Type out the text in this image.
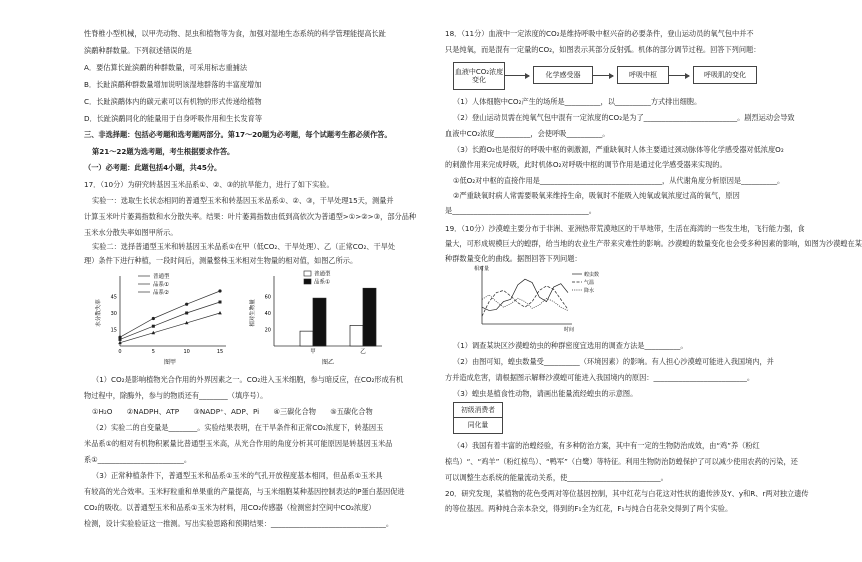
性脊椎小型机械，以甲壳动物、昆虫和植物等为食，加强对湿地生态系统的科学管理能提高长趾
滨鹬种群数量。下列叙述错误的是
A．要估算长趾滨鹬的种群数量，可采用标志重捕法
B．长趾滨鹬种群数量增加说明该湿地群落的丰富度增加
C．长趾滨鹬体内的碳元素可以有机物的形式传递给植物
D．长趾滨鹬同化的能量用于自身呼吸作用和生长发育等
三、非选择题：包括必考题和选考题两部分。第17～20题为必考题，每个试题考生都必须作答。
第21～22题为选考题，考生根据要求作答。
（一）必考题：此题包括4小题，共45分。
17．（10分）为研究转基因玉米品系①、②、③的抗旱能力，进行了如下实验。
实验一：选取生长状态相同的普通型玉米和转基因玉米品系①、②、③，干旱处理15天，测量并
计算玉米叶片萎蔫指数和水分散失率。结果：叶片萎蔫指数由低到高依次为普通型>①>②>③，部分品种
玉米水分散失率如图甲所示。
实验二：选择普通型玉米和转基因玉米品系①在甲（低CO₂、干旱处理）、乙（正常CO₂、干旱处
理）条件下进行种植，一段时间后，测量整株玉米相对生物量的相对值，如图乙所示。
水分散失率
45
30
15
0	5	10	15
普通型
品系①
品系②
图甲
相对生物量
60
40
20
甲	乙
普通型
品系①
图乙
（1）CO₂是影响植物光合作用的外界因素之一。CO₂进入玉米细胞，参与暗反应，在CO₂形成有机
物过程中，除酶外，参与的物质还有________（填序号）。
①H₂O　　②NADPH、ATP　　③NADP⁺、ADP、Pi　　④三碳化合物　　⑤五碳化合物
（2）实验二的自变量是________。实验结果表明，在干旱条件和正常CO₂浓度下，转基因玉
米品系①的相对有机物积累量比普通型玉米高，从光合作用的角度分析其可能原因是转基因玉米品
系①________________________。
（3）正常种植条件下，普通型玉米和品系①玉米的气孔开放程度基本相同，但品系①玉米具
有较高的光合效率。玉米籽粒重和单果重的产量提高，与玉米细胞某种基因控制表达的P蛋白基因促进
CO₂的吸收。以普通型玉米和品系①玉米为材料，用CO₂传感器（检测密封空间中CO₂浓度）
检测，设计实验验证这一推测。写出实验思路和预期结果：________________________________。
18．（11分）血液中一定浓度的CO₂是维持呼吸中枢兴奋的必要条件，登山运动员的氧气包中并不
只是纯氧，而是混有一定量的CO₂，如图表示其部分反射弧。机体的部分调节过程。回答下列问题：
血液中CO₂浓度变化
化学感受器	呼吸中枢	呼吸肌的变化
（1）人体细胞中CO₂产生的场所是__________，以__________方式排出细胞。
（2）登山运动员需在纯氧气包中混有一定浓度的CO₂是为了__________________________。剧烈运动会导致
血液中CO₂浓度__________，会使呼吸__________。
（3）长跑O₂也是很好的呼吸中枢的刺激源，严重缺氧时人体主要通过颈动脉体等化学感受器对低浓度O₂
的刺激作用来完成呼吸，此时机体O₂对呼吸中枢的调节作用是通过化学感受器来实现的。
①低O₂对中枢的直接作用是__________________________________，从代谢角度分析原因是__________。
②严重缺氧时病人常需要吸氧来维持生命，吸氧时不能吸入纯氧或氧浓度过高的氧气，原因
是______________________________________。
19．（10分）沙漠蝗主要分布于非洲、亚洲热带荒漠地区的干旱地带，生活在海湾的一些发生地，飞行能力强，食
量大，可形成规模巨大的蝗群，给当地的农业生产带来灾难性的影响。沙漠蝗的数量变化也会受多种因素的影响，如图为沙漠蝗在某
种群数量变化的曲线。据图回答下列问题：
相对量
时间
蝗虫数
气温
降水
（1）调查某块区沙漠蝗幼虫的种群密度宜选用的调查方法是__________。
（2）由图可知，蝗虫数量受__________（环境因素）的影响。有人担心沙漠蝗可能进入我国境内，并
方并造成危害，请根据图示解释沙漠蝗可能进入我国境内的原因：__________________________。
（3）蝗虫是植食性动物，请画出能量流经蝗虫的示意图。
初级消费者
同化量
（4）我国有着丰富的治蝗经验，有多种防治方案，其中有一定的生物防治成效，由“鸡”养（粉红
椋鸟）“、“鸡羊”（粉红椋鸟）、“鸭军”（白鹭）等特征。利用生物防治防蝗保护了可以减少使用农药的污染，还
可以调整生态系统的能量流动关系，使__________________________。
20．研究发现，某植物的花色受两对等位基因控制，其中红花与白花这对性状的遗传涉及Y、y和R、r两对独立遗传
的等位基因。两种纯合亲本杂交，得到的F₁全为红花，F₁与纯合白花杂交得到了两个实验。
